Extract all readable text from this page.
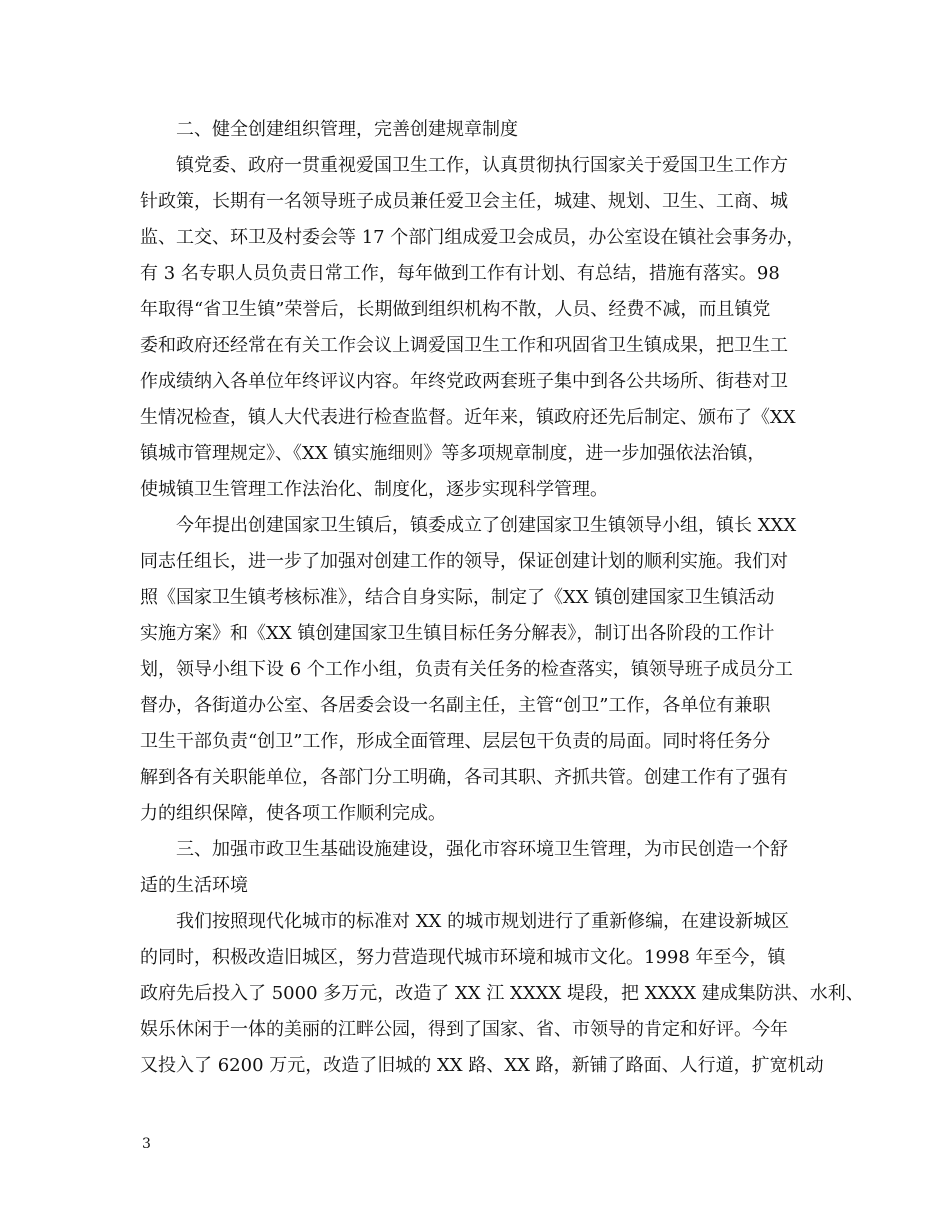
二、健全创建组织管理，完善创建规章制度
镇党委、政府一贯重视爱国卫生工作，认真贯彻执行国家关于爱国卫生工作方
针政策，长期有一名领导班子成员兼任爱卫会主任，城建、规划、卫生、工商、城
监、工交、环卫及村委会等 17 个部门组成爱卫会成员，办公室设在镇社会事务办，
有 3 名专职人员负责日常工作，每年做到工作有计划、有总结，措施有落实。98
年取得“省卫生镇”荣誉后，长期做到组织机构不散，人员、经费不减，而且镇党
委和政府还经常在有关工作会议上调爱国卫生工作和巩固省卫生镇成果，把卫生工
作成绩纳入各单位年终评议内容。年终党政两套班子集中到各公共场所、街巷对卫
生情况检查，镇人大代表进行检查监督。近年来，镇政府还先后制定、颁布了《XX
镇城市管理规定》、《XX 镇实施细则》等多项规章制度，进一步加强依法治镇，
使城镇卫生管理工作法治化、制度化，逐步实现科学管理。
今年提出创建国家卫生镇后，镇委成立了创建国家卫生镇领导小组，镇长 XXX
同志任组长，进一步了加强对创建工作的领导，保证创建计划的顺利实施。我们对
照《国家卫生镇考核标准》，结合自身实际，制定了《XX 镇创建国家卫生镇活动
实施方案》和《XX 镇创建国家卫生镇目标任务分解表》，制订出各阶段的工作计
划，领导小组下设 6 个工作小组，负责有关任务的检查落实，镇领导班子成员分工
督办，各街道办公室、各居委会设一名副主任，主管“创卫”工作，各单位有兼职
卫生干部负责“创卫”工作，形成全面管理、层层包干负责的局面。同时将任务分
解到各有关职能单位，各部门分工明确，各司其职、齐抓共管。创建工作有了强有
力的组织保障，使各项工作顺利完成。
三、加强市政卫生基础设施建设，强化市容环境卫生管理，为市民创造一个舒
适的生活环境
我们按照现代化城市的标准对 XX 的城市规划进行了重新修编，在建设新城区
的同时，积极改造旧城区，努力营造现代城市环境和城市文化。1998 年至今，镇
政府先后投入了 5000 多万元，改造了 XX 江 XXXX 堤段，把 XXXX 建成集防洪、水利、
娱乐休闲于一体的美丽的江畔公园，得到了国家、省、市领导的肯定和好评。今年
又投入了 6200 万元，改造了旧城的 XX 路、XX 路，新铺了路面、人行道，扩宽机动
3
